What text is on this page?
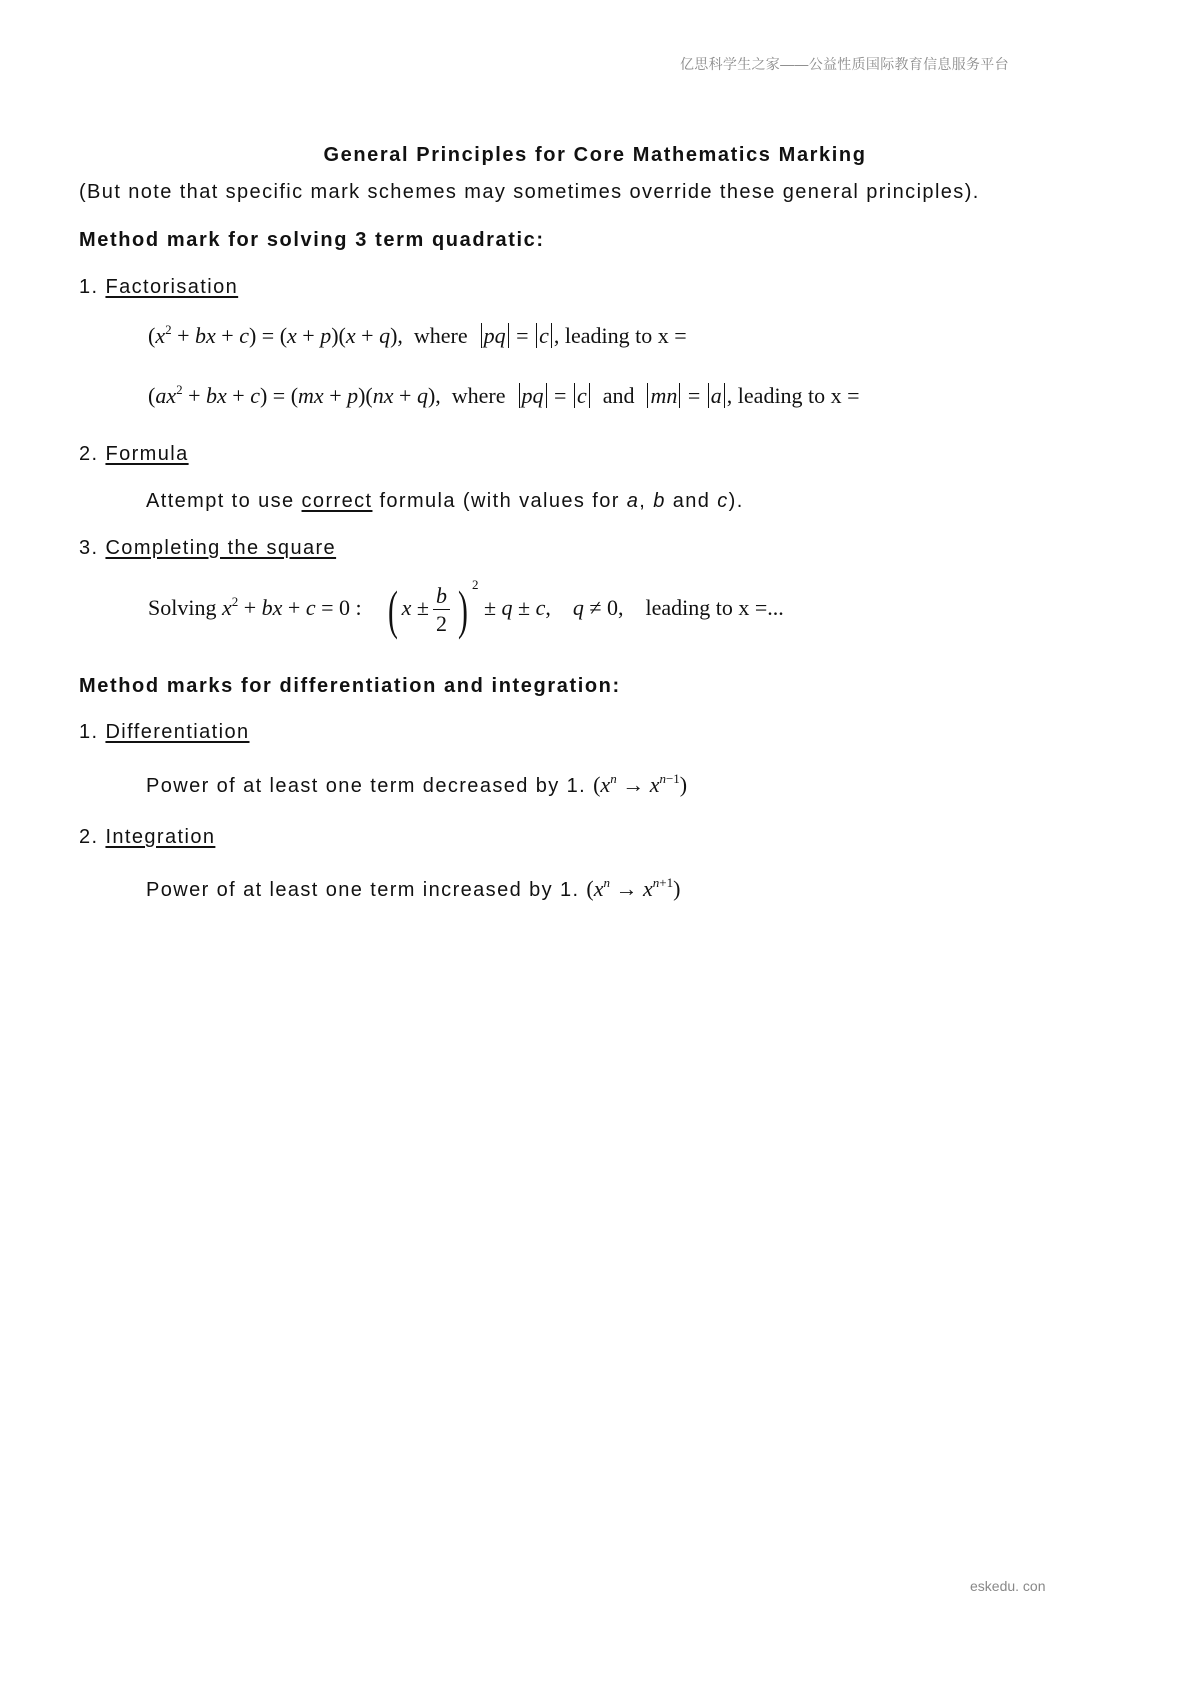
亿思科学生之家——公益性质国际教育信息服务平台
General Principles for Core Mathematics Marking
(But note that specific mark schemes may sometimes override these general principles).
Method mark for solving 3 term quadratic:
1. Factorisation
($x^2$ + bx + c) = (x + p)(x + q),  where pq = c , leading to x =
($ax^2$ + bx + c) = (mx + p)(nx + q),  where pq = c and mn = a , leading to x =
2. Formula
Attempt to use correct formula (with values for a, b and c).
3. Completing the square
Solving $x^2$ + bx + c = 0 :    ( $x \pm \frac{b}{2}$ ) $^2$ ± q ± c,    q ≠ 0,    leading to x =...
Method marks for differentiation and integration:
1. Differentiation
Power of at least one term decreased by 1. $(x^n \to x^{n-1})$
2. Integration
Power of at least one term increased by 1. $(x^n \to x^{n+1})$
eskedu. con
